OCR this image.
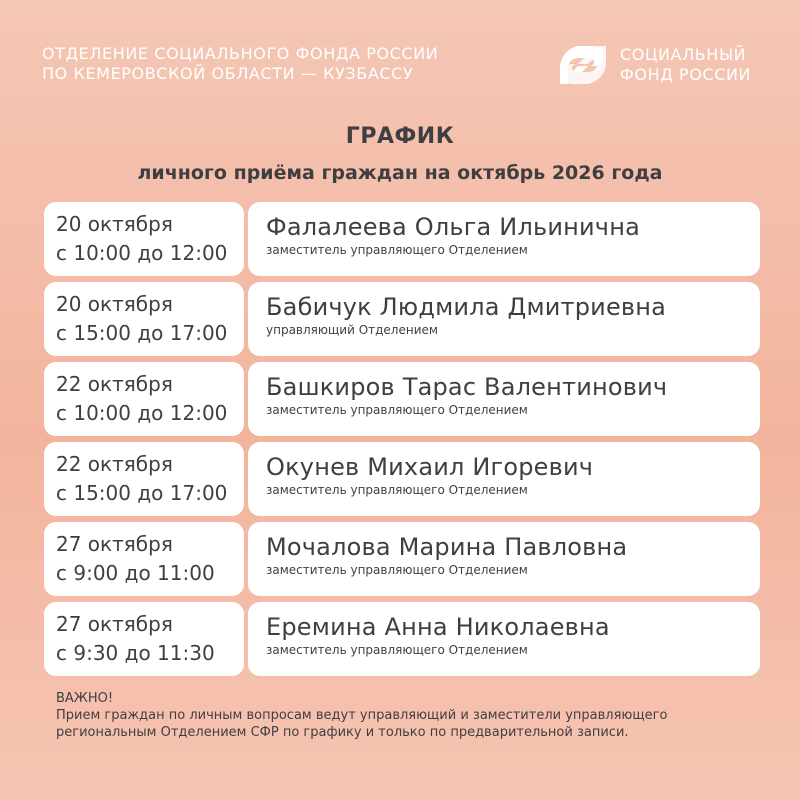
ОТДЕЛЕНИЕ СОЦИАЛЬНОГО ФОНДА РОССИИ
ПО КЕМЕРОВСКОЙ ОБЛАСТИ — КУЗБАССУ
СОЦИАЛЬНЫЙ
ФОНД РОССИИ
ГРАФИК
личного приёма граждан на октябрь 2026 года
20 октября
с 10:00 до 12:00
Фалалеева Ольга Ильинична
заместитель управляющего Отделением
20 октября
с 15:00 до 17:00
Бабичук Людмила Дмитриевна
управляющий Отделением
22 октября
с 10:00 до 12:00
Башкиров Тарас Валентинович
заместитель управляющего Отделением
22 октября
с 15:00 до 17:00
Окунев Михаил Игоревич
заместитель управляющего Отделением
27 октября
с 9:00 до 11:00
Мочалова Марина Павловна
заместитель управляющего Отделением
27 октября
с 9:30 до 11:30
Еремина Анна Николаевна
заместитель управляющего Отделением
ВАЖНО!
Прием граждан по личным вопросам ведут управляющий и заместители управляющего
региональным Отделением СФР по графику и только по предварительной записи.
